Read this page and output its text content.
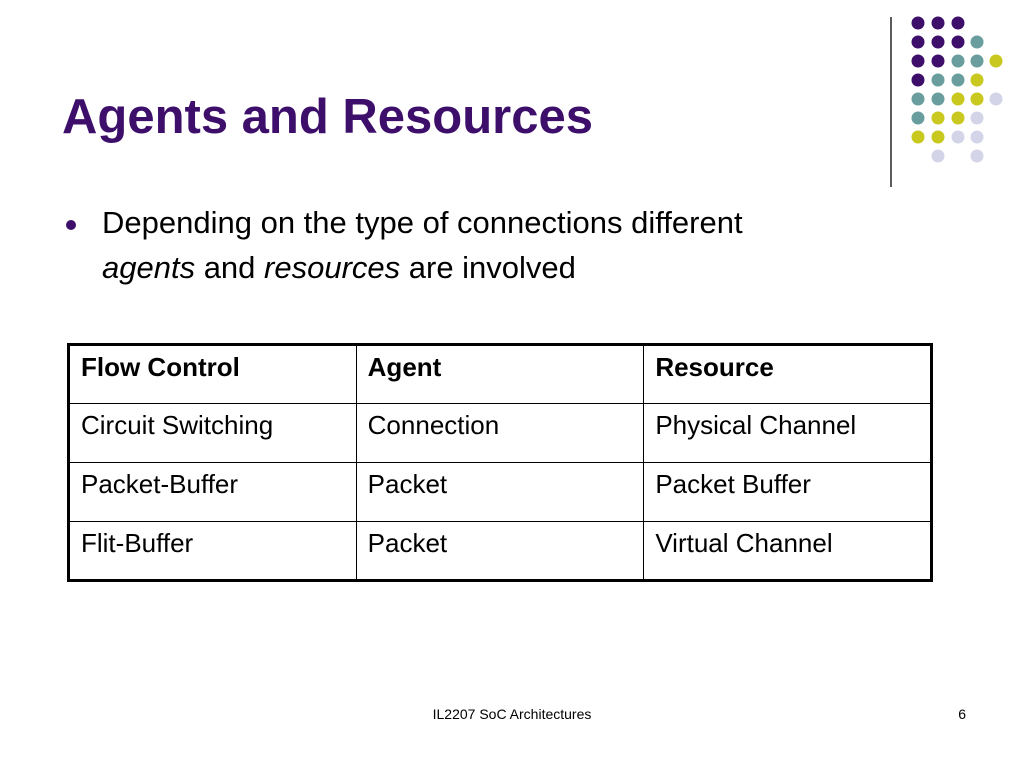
Agents and Resources

Depending on the type of connections different
agents and resources are involved

Flow Control	Agent	Resource
Circuit Switching	Connection	Physical Channel
Packet-Buffer	Packet	Packet Buffer
Flit-Buffer	Packet	Virtual Channel
IL2207 SoC Architectures	6
